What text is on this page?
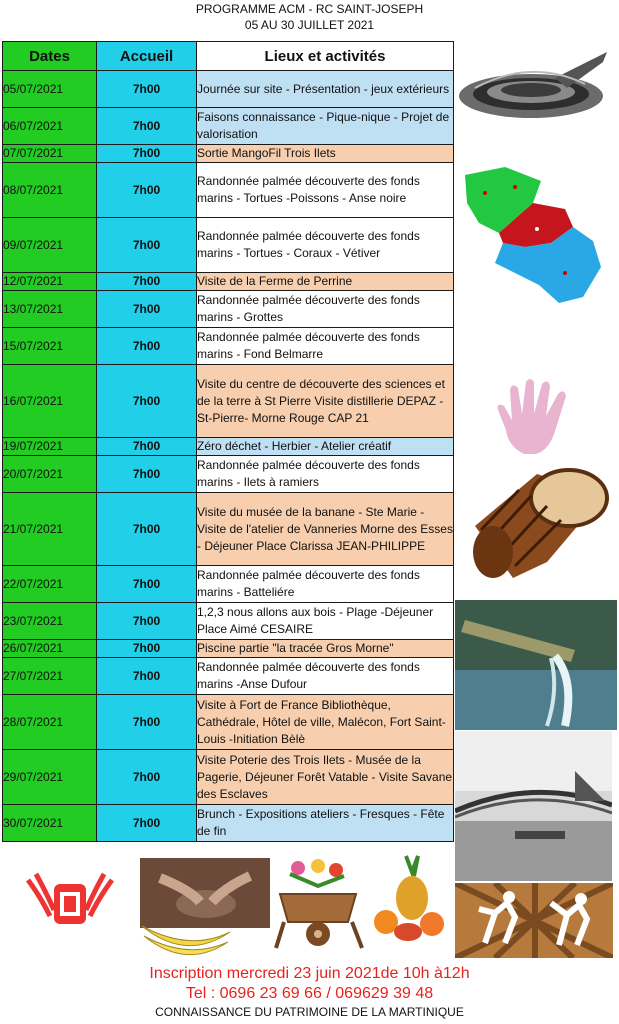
PROGRAMME ACM - RC SAINT-JOSEPH
05 AU 30 JUILLET 2021
Dates	Accueil	Lieux et activités
05/07/2021	7h00	Journée sur site - Présentation - jeux extérieurs
06/07/2021	7h00	Faisons connaissance - Pique-nique - Projet de valorisation
07/07/2021	7h00	Sortie MangoFil Trois Ilets
08/07/2021	7h00	Randonnée palmée découverte des fonds marins - Tortues -Poissons - Anse noire
09/07/2021	7h00	Randonnée palmée découverte des fonds marins - Tortues - Coraux - Vétiver
12/07/2021	7h00	Visite de la Ferme de Perrine
13/07/2021	7h00	Randonnée palmée découverte des fonds marins - Grottes
15/07/2021	7h00	Randonnée palmée découverte des fonds marins - Fond Belmarre
16/07/2021	7h00	Visite du centre de découverte des sciences et de la terre à St Pierre Visite distillerie DEPAZ - St-Pierre- Morne Rouge CAP 21
19/07/2021	7h00	Zéro déchet - Herbier - Atelier créatif
20/07/2021	7h00	Randonnée palmée découverte des fonds marins - Ilets à ramiers
21/07/2021	7h00	Visite du musée de la banane - Ste Marie - Visite de l'atelier de Vanneries Morne des Esses - Déjeuner Place Clarissa JEAN-PHILIPPE
22/07/2021	7h00	Randonnée palmée découverte des fonds marins - Batteliére
23/07/2021	7h00	1,2,3 nous allons aux bois - Plage -Déjeuner Place Aimé CESAIRE
26/07/2021	7h00	Piscine partie "la tracée Gros Morne"
27/07/2021	7h00	Randonnée palmée découverte des fonds marins -Anse Dufour
28/07/2021	7h00	Visite à Fort de France Bibliothèque, Cathédrale, Hôtel de ville, Malécon, Fort Saint-Louis -Initiation Bèlè
29/07/2021	7h00	Visite Poterie des Trois Ilets - Musée de la Pagerie, Déjeuner Forêt Vatable - Visite Savane des Esclaves
30/07/2021	7h00	Brunch - Expositions ateliers - Fresques - Fête de fin
Inscription mercredi 23 juin 2021de 10h à12h
Tel : 0696 23 69 66 / 069629 39 48
CONNAISSANCE DU PATRIMOINE DE LA MARTINIQUE
